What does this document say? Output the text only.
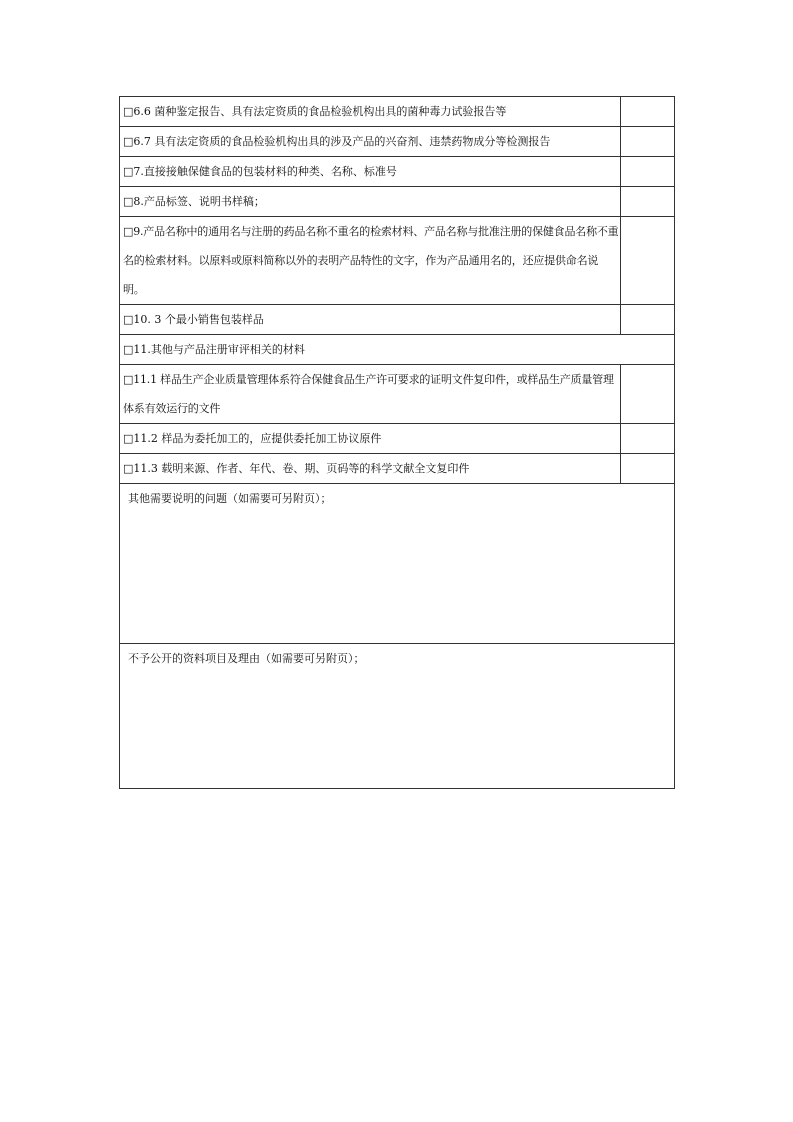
□6.6 菌种鉴定报告、具有法定资质的食品检验机构出具的菌种毒力试验报告等	
□6.7 具有法定资质的食品检验机构出具的涉及产品的兴奋剂、违禁药物成分等检测报告	
□7.直接接触保健食品的包装材料的种类、名称、标准号	
□8.产品标签、说明书样稿；	
□9.产品名称中的通用名与注册的药品名称不重名的检索材料、产品名称与批准注册的保健食品名称不重名的检索材料。以原料或原料简称以外的表明产品特性的文字，作为产品通用名的，还应提供命名说明。	
□10. 3 个最小销售包装样品	
□11.其他与产品注册审评相关的材料	
□11.1 样品生产企业质量管理体系符合保健食品生产许可要求的证明文件复印件，或样品生产质量管理体系有效运行的文件	
□11.2 样品为委托加工的，应提供委托加工协议原件	
□11.3 载明来源、作者、年代、卷、期、页码等的科学文献全文复印件	
其他需要说明的问题（如需要可另附页）；	
不予公开的资料项目及理由（如需要可另附页）；	
